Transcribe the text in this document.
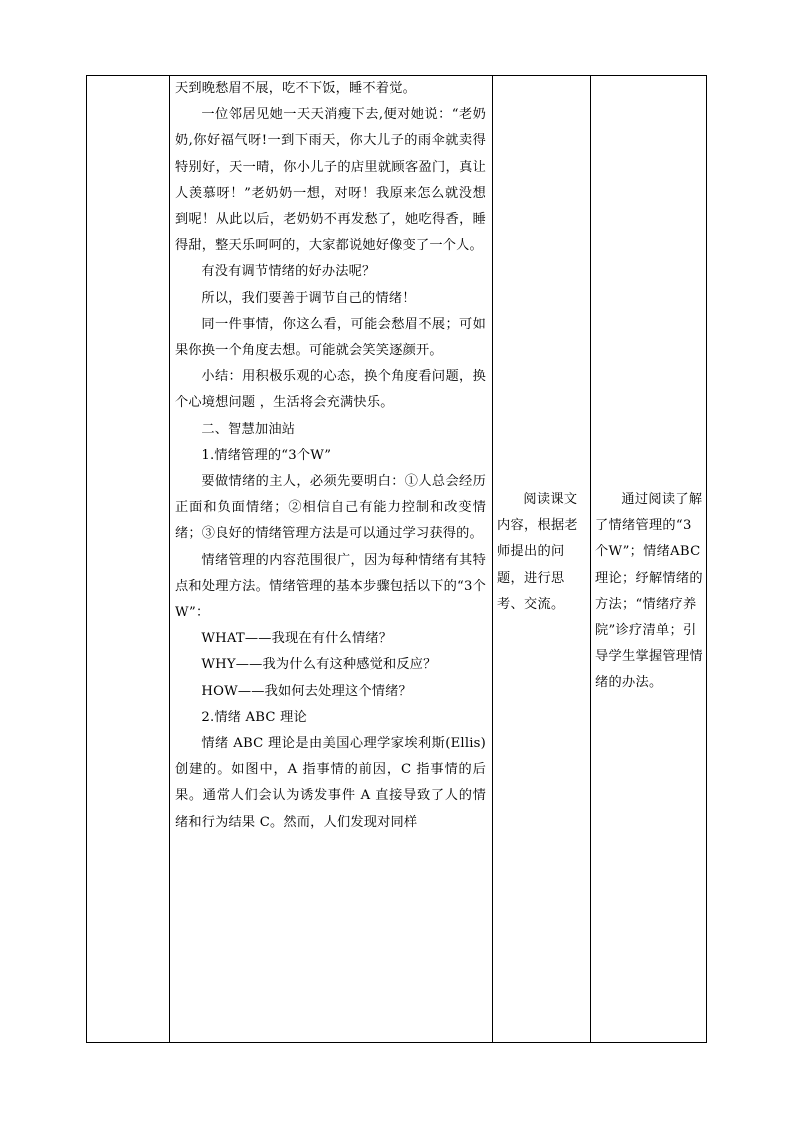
天到晚愁眉不展，吃不下饭，睡不着觉。

一位邻居见她一天天消瘦下去,便对她说：“老奶奶,你好福气呀!一到下雨天，你大儿子的雨伞就卖得特别好，天一晴，你小儿子的店里就顾客盈门，真让人羡慕呀！”老奶奶一想，对呀！我原来怎么就没想到呢！从此以后，老奶奶不再发愁了，她吃得香，睡得甜，整天乐呵呵的，大家都说她好像变了一个人。

有没有调节情绪的好办法呢？

所以，我们要善于调节自己的情绪！

同一件事情，你这么看，可能会愁眉不展；可如果你换一个角度去想。可能就会笑笑逐颜开。

小结：用积极乐观的心态，换个角度看问题，换个心境想问题 ，生活将会充满快乐。

二、智慧加油站

1.情绪管理的“3个W”

要做情绪的主人，必须先要明白：①人总会经历正面和负面情绪；②相信自己有能力控制和改变情绪；③良好的情绪管理方法是可以通过学习获得的。

情绪管理的内容范围很广，因为每种情绪有其特点和处理方法。情绪管理的基本步骤包括以下的“3个W”：

WHAT——我现在有什么情绪？

WHY——我为什么有这种感觉和反应？

HOW——我如何去处理这个情绪？

2.情绪 ABC 理论

情绪 ABC 理论是由美国心理学家埃利斯(Ellis)创建的。如图中，A 指事情的前因，C 指事情的后果。通常人们会认为诱发事件 A 直接导致了人的情绪和行为结果 C。然而，人们发现对同样

阅读课文内容，根据老师提出的问题，进行思考、交流。

通过阅读了解了情绪管理的“3个W”；情绪ABC理论；纾解情绪的方法；“情绪疗养院”诊疗清单；引导学生掌握管理情绪的办法。
